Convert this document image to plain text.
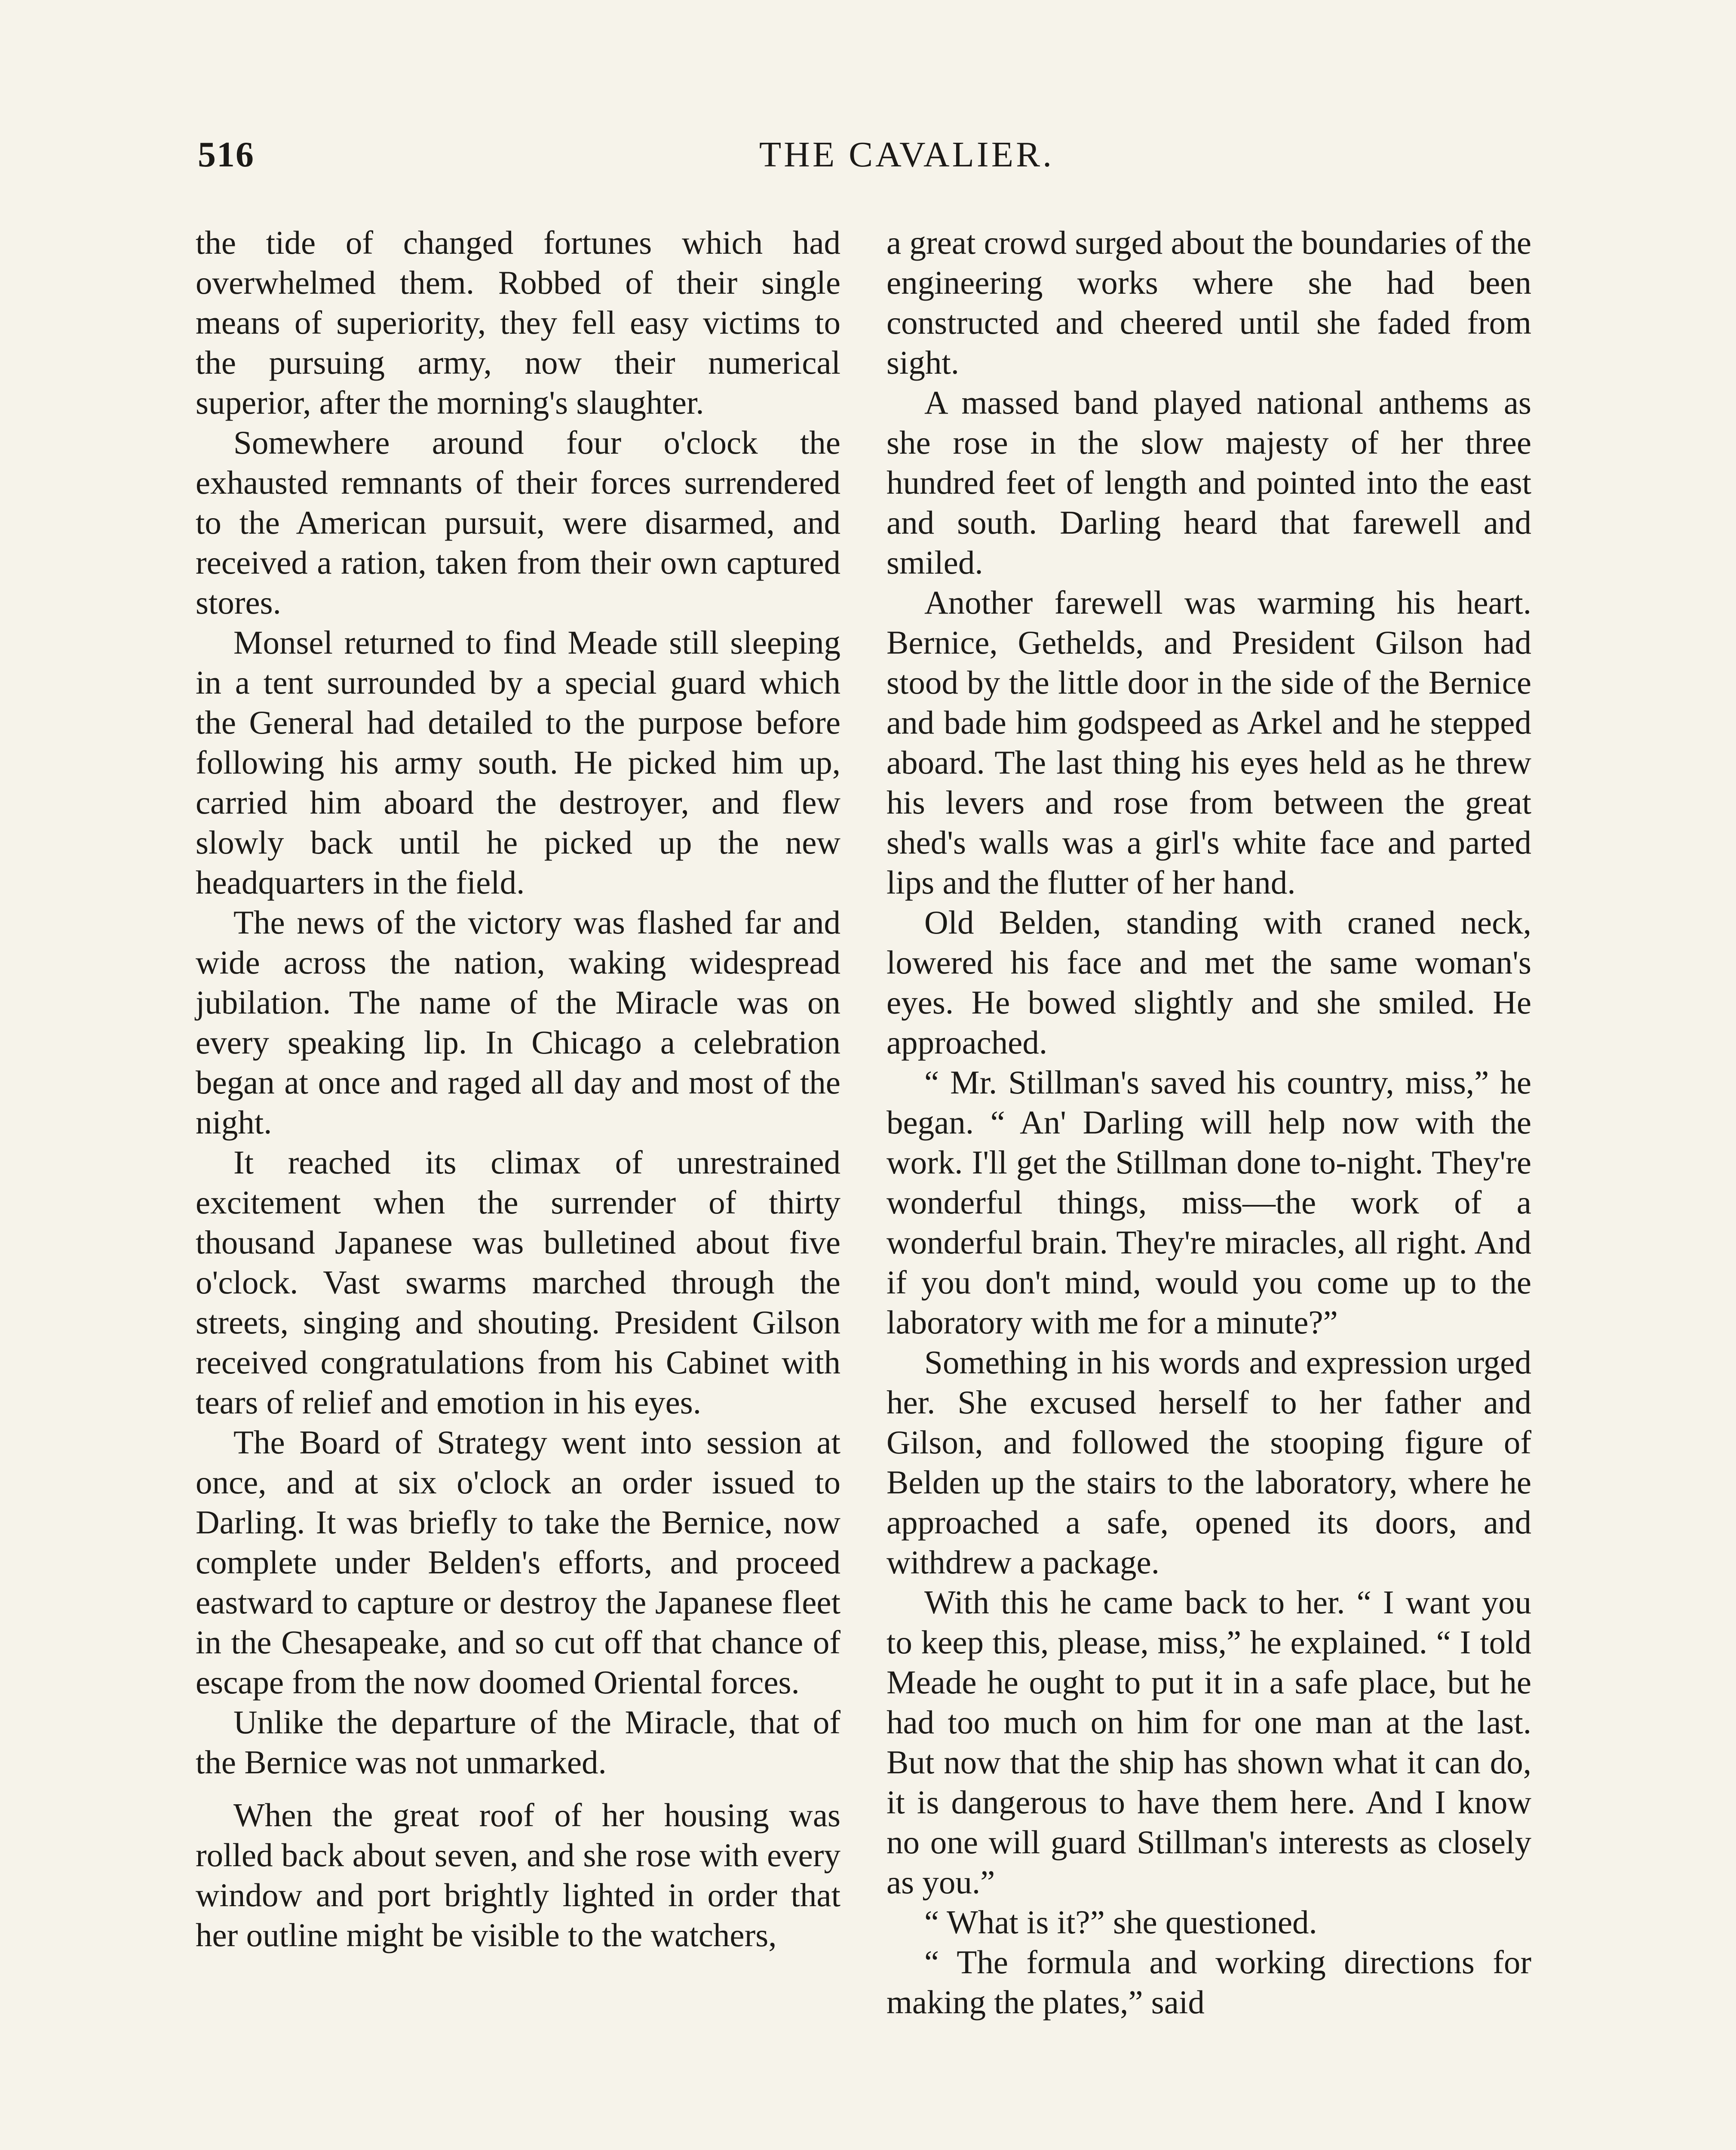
516	THE CAVALIER.

the tide of changed fortunes which had overwhelmed them. Robbed of their single means of superiority, they fell easy victims to the pursuing army, now their numerical superior, after the morning's slaughter.

Somewhere around four o'clock the exhausted remnants of their forces surrendered to the American pursuit, were disarmed, and received a ration, taken from their own captured stores.

Monsel returned to find Meade still sleeping in a tent surrounded by a special guard which the General had detailed to the purpose before following his army south. He picked him up, carried him aboard the destroyer, and flew slowly back until he picked up the new headquarters in the field.

The news of the victory was flashed far and wide across the nation, waking widespread jubilation. The name of the Miracle was on every speaking lip. In Chicago a celebration began at once and raged all day and most of the night.

It reached its climax of unrestrained excitement when the surrender of thirty thousand Japanese was bulletined about five o'clock. Vast swarms marched through the streets, singing and shouting. President Gilson received congratulations from his Cabinet with tears of relief and emotion in his eyes.

The Board of Strategy went into session at once, and at six o'clock an order issued to Darling. It was briefly to take the Bernice, now complete under Belden's efforts, and proceed eastward to capture or destroy the Japanese fleet in the Chesapeake, and so cut off that chance of escape from the now doomed Oriental forces.

Unlike the departure of the Miracle, that of the Bernice was not unmarked.

When the great roof of her housing was rolled back about seven, and she rose with every window and port brightly lighted in order that her outline might be visible to the watchers,

a great crowd surged about the boundaries of the engineering works where she had been constructed and cheered until she faded from sight.

A massed band played national anthems as she rose in the slow majesty of her three hundred feet of length and pointed into the east and south. Darling heard that farewell and smiled.

Another farewell was warming his heart. Bernice, Gethelds, and President Gilson had stood by the little door in the side of the Bernice and bade him godspeed as Arkel and he stepped aboard. The last thing his eyes held as he threw his levers and rose from between the great shed's walls was a girl's white face and parted lips and the flutter of her hand.

Old Belden, standing with craned neck, lowered his face and met the same woman's eyes. He bowed slightly and she smiled. He approached.

“ Mr. Stillman's saved his country, miss,” he began. “ An' Darling will help now with the work. I'll get the Stillman done to-night. They're wonderful things, miss—the work of a wonderful brain. They're miracles, all right. And if you don't mind, would you come up to the laboratory with me for a minute?”

Something in his words and expression urged her. She excused herself to her father and Gilson, and followed the stooping figure of Belden up the stairs to the laboratory, where he approached a safe, opened its doors, and withdrew a package.

With this he came back to her. “ I want you to keep this, please, miss,” he explained. “ I told Meade he ought to put it in a safe place, but he had too much on him for one man at the last. But now that the ship has shown what it can do, it is dangerous to have them here. And I know no one will guard Stillman's interests as closely as you.”

“ What is it?” she questioned.

“ The formula and working directions for making the plates,” said
